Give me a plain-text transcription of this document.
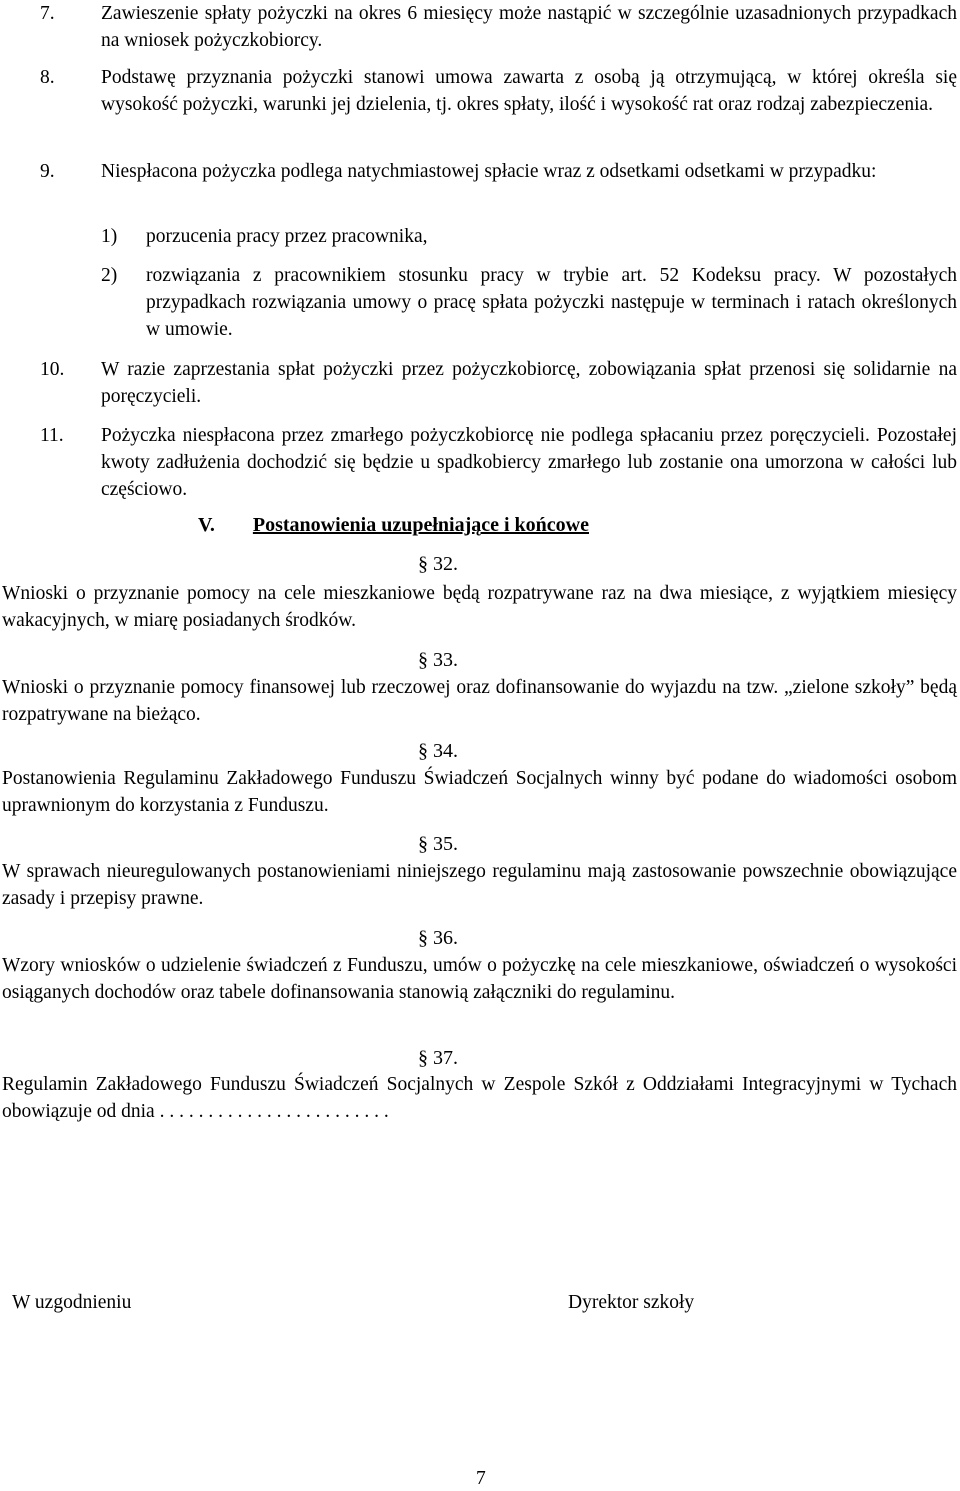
7. Zawieszenie spłaty pożyczki na okres 6 miesięcy może nastąpić w szczególnie uzasadnionych przypadkach na wniosek pożyczkobiorcy.

8. Podstawę przyznania pożyczki stanowi umowa zawarta z osobą ją otrzymującą, w której określa się wysokość pożyczki, warunki jej dzielenia, tj. okres spłaty, ilość i wysokość rat oraz rodzaj zabezpieczenia.

9. Niespłacona pożyczka podlega natychmiastowej spłacie wraz z odsetkami odsetkami w przypadku:

1) porzucenia pracy przez pracownika,

2) rozwiązania z pracownikiem stosunku pracy w trybie art. 52 Kodeksu pracy. W pozostałych przypadkach rozwiązania umowy o pracę spłata pożyczki następuje w terminach i ratach określonych w umowie.

10. W razie zaprzestania spłat pożyczki przez pożyczkobiorcę, zobowiązania spłat przenosi się solidarnie na poręczycieli.

11. Pożyczka niespłacona przez zmarłego pożyczkobiorcę nie podlega spłacaniu przez poręczycieli. Pozostałej kwoty zadłużenia dochodzić się będzie u spadkobiercy zmarłego lub zostanie ona umorzona w całości lub częściowo.

V. Postanowienia uzupełniające i końcowe
§ 32.

Wnioski o przyznanie pomocy na cele mieszkaniowe będą rozpatrywane raz na dwa miesiące, z wyjątkiem miesięcy wakacyjnych, w miarę posiadanych środków.

§ 33.

Wnioski o przyznanie pomocy finansowej lub rzeczowej oraz dofinansowanie do wyjazdu na tzw. „zielone szkoły” będą rozpatrywane na bieżąco.

§ 34.

Postanowienia Regulaminu Zakładowego Funduszu Świadczeń Socjalnych winny być podane do wiadomości osobom uprawnionym do korzystania z Funduszu.

§ 35.

W sprawach nieuregulowanych postanowieniami niniejszego regulaminu mają zastosowanie powszechnie obowiązujące zasady i przepisy prawne.

§ 36.

Wzory wniosków o udzielenie świadczeń z Funduszu, umów o pożyczkę na cele mieszkaniowe, oświadczeń o wysokości osiąganych dochodów oraz tabele dofinansowania stanowią załączniki do regulaminu.

§ 37.

Regulamin Zakładowego Funduszu Świadczeń Socjalnych w Zespole Szkół z Oddziałami Integracyjnymi w Tychach obowiązuje od dnia . . . . . . . . . . . . . . . . . . . . . . . .

W uzgodnieniu	Dyrektor szkoły
7
